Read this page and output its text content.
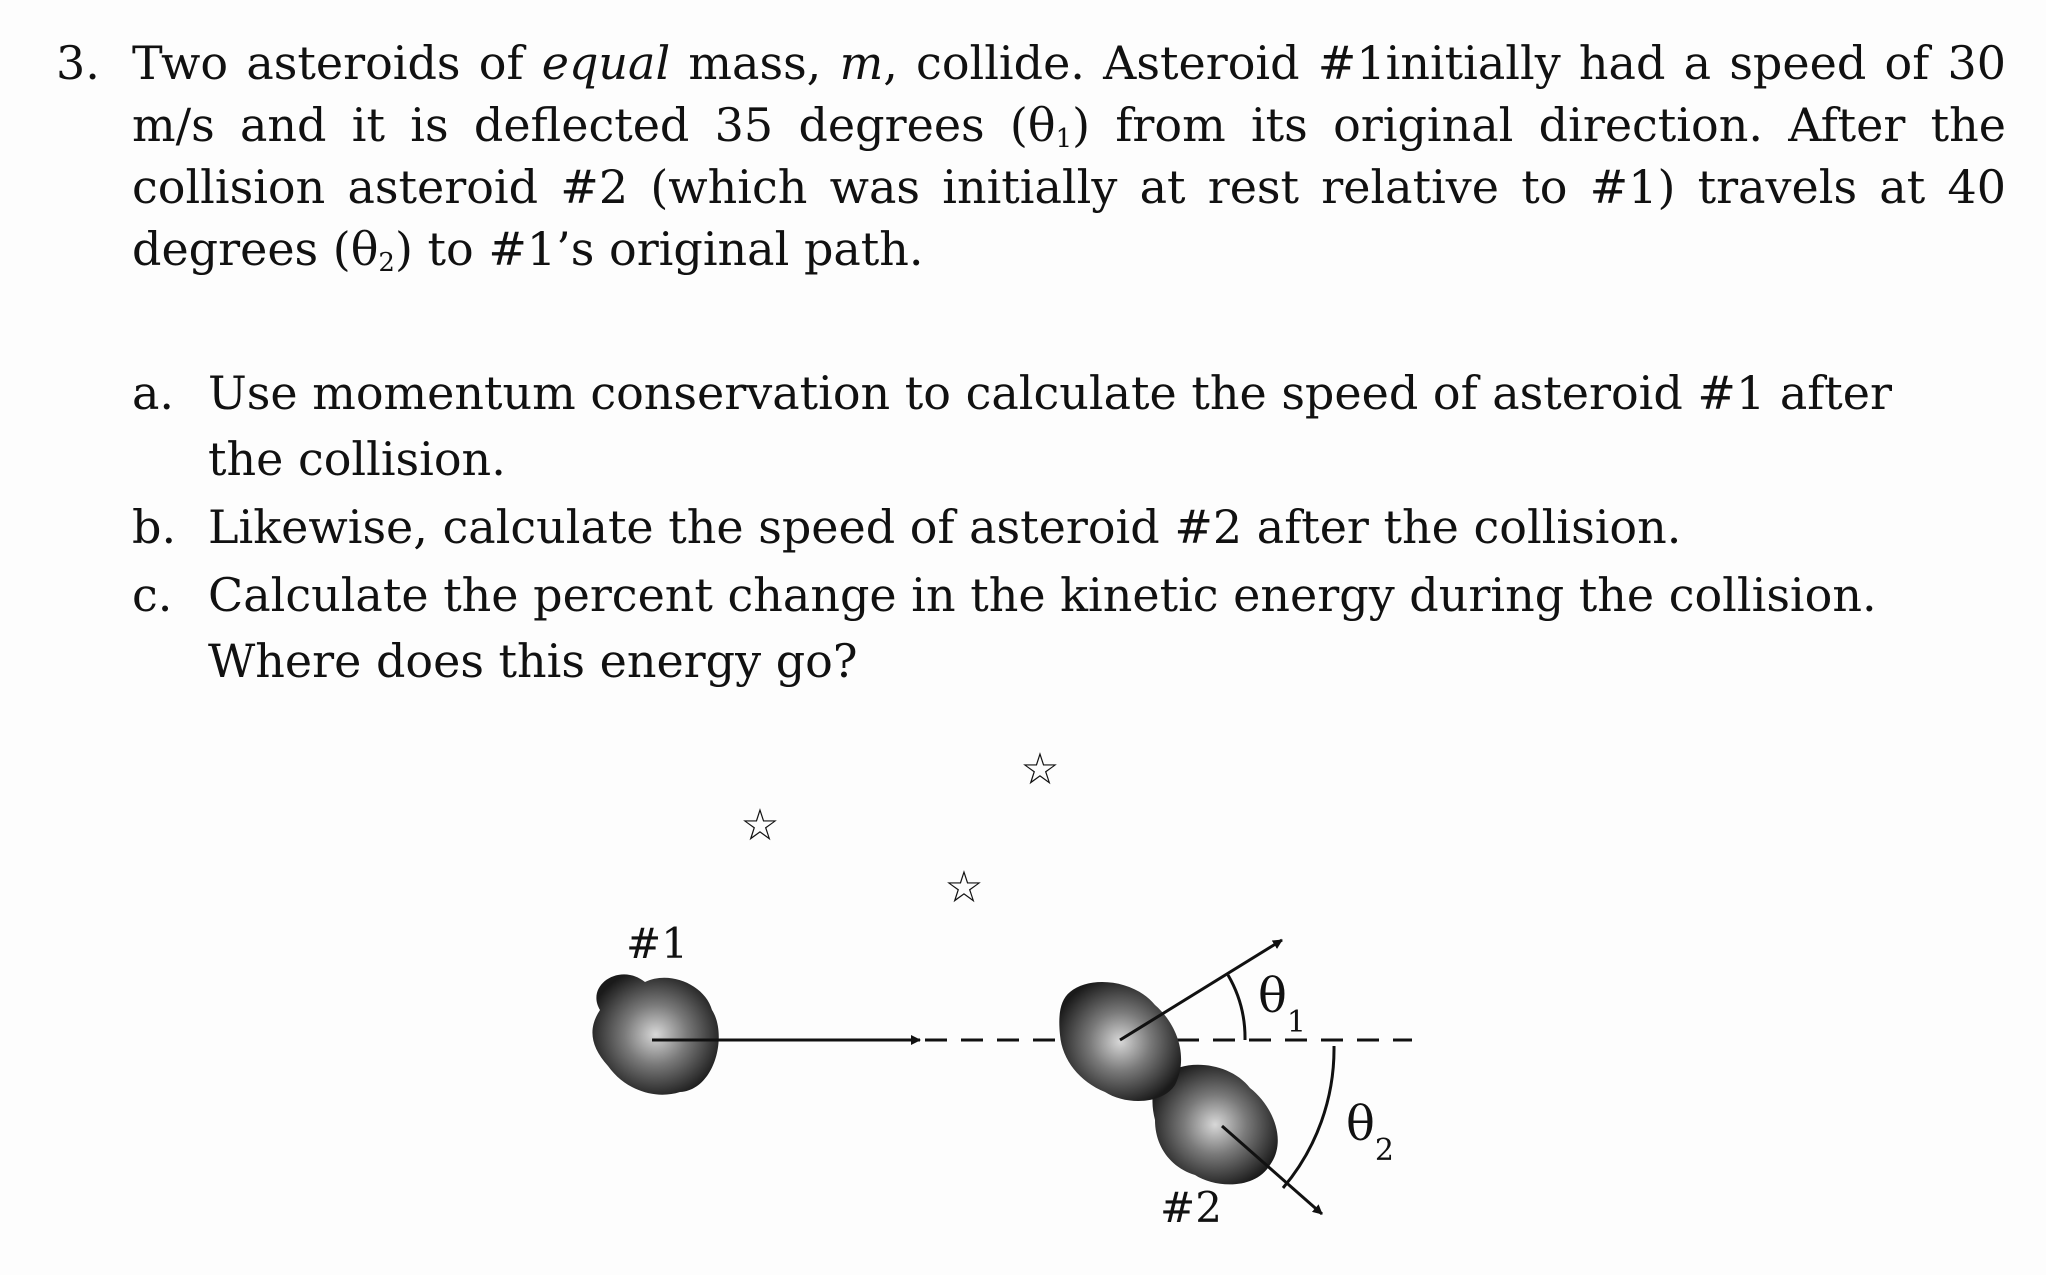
3. Two asteroids of equal mass, m, collide. Asteroid #1initially had a speed of 30 m/s and it is deflected 35 degrees $(\theta_1)$ from its original direction. After the collision asteroid #2 (which was initially at rest relative to #1) travels at 40 degrees $(\theta_2)$ to #1’s original path.
a. Use momentum conservation to calculate the speed of asteroid #1 after the collision.
b. Likewise, calculate the speed of asteroid #2 after the collision.
c. Calculate the percent change in the kinetic energy during the collision. Where does this energy go?
☆
☆
☆
#1
$\theta_1$
$\theta_2$
#2
